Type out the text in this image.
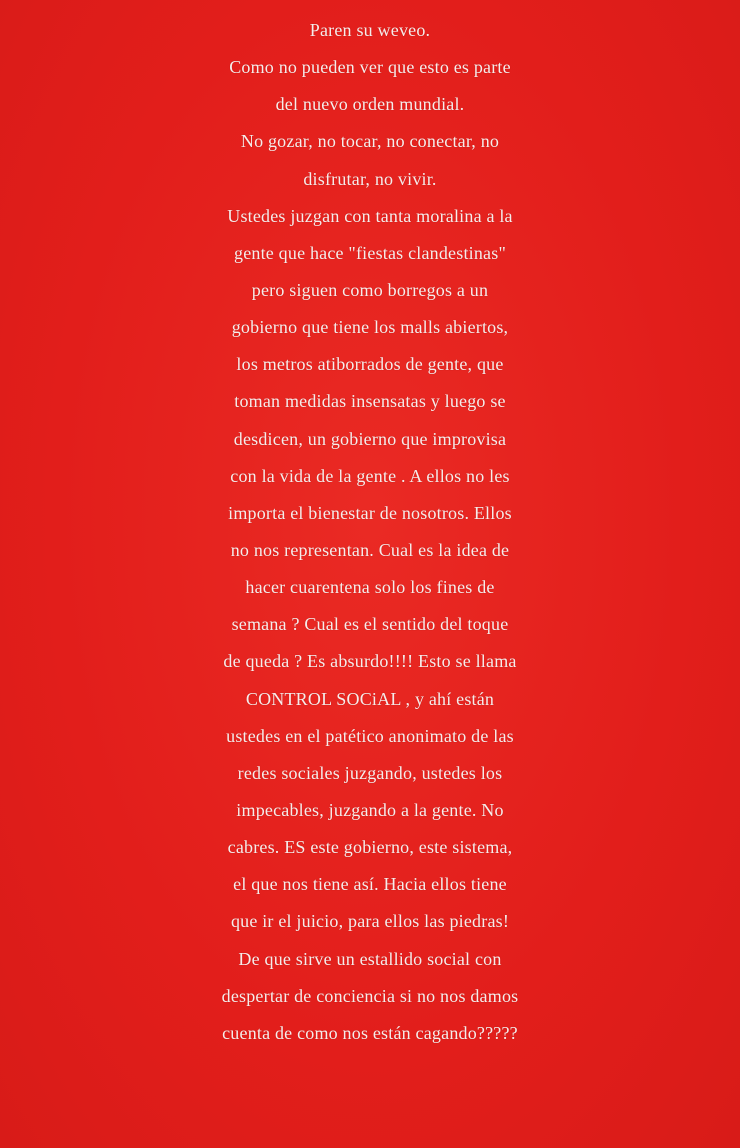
Paren su weveo.
Como no pueden ver que esto es parte
del nuevo orden mundial.
No gozar, no tocar, no conectar, no
disfrutar, no vivir.
Ustedes juzgan con tanta moralina a la
gente que hace "fiestas clandestinas"
pero siguen como borregos a un
gobierno que tiene los malls abiertos,
los metros atiborrados de gente, que
toman medidas insensatas y luego se
desdicen, un gobierno que improvisa
con la vida de la gente . A ellos no les
importa el bienestar de nosotros. Ellos
no nos representan. Cual es la idea de
hacer cuarentena solo los fines de
semana ? Cual es el sentido del toque
de queda ? Es absurdo!!!! Esto se llama
CONTROL SOCiAL , y ahí están
ustedes en el patético anonimato de las
redes sociales juzgando, ustedes los
impecables, juzgando a la gente. No
cabres. ES este gobierno, este sistema,
el que nos tiene así. Hacia ellos tiene
que ir el juicio, para ellos las piedras!
De que sirve un estallido social con
despertar de conciencia si no nos damos
cuenta de como nos están cagando?????
